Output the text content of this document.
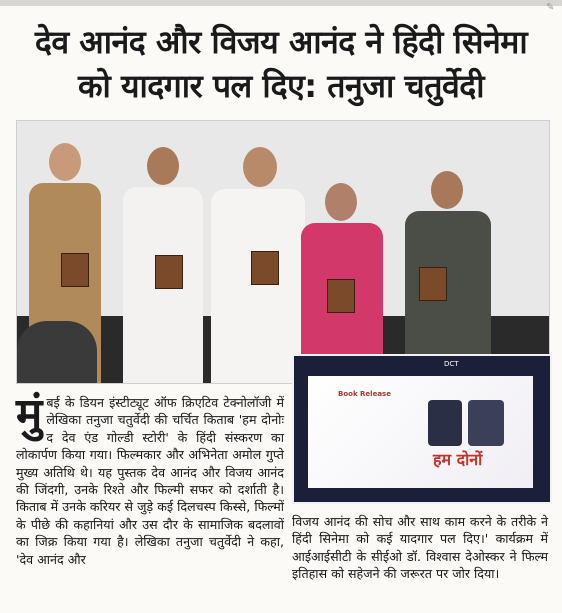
✎
देव आनंद और विजय आनंद ने हिंदी सिनेमा
को यादगार पल दिए: तनुजा चतुर्वेदी
DCT
Book Release
हम दोनों
मुंबई के डियन इंस्टीट्यूट ऑफ क्रिएटिव टेक्नोलॉजी में लेखिका तनुजा चतुर्वेदी की चर्चित किताब 'हम दोनोः द देव एंड गोल्डी स्टोरी' के हिंदी संस्करण का लोकार्पण किया गया। फिल्मकार और अभिनेता अमोल गुप्ते मुख्य अतिथि थे। यह पुस्तक देव आनंद और विजय आनंद की जिंदगी, उनके रिश्ते और फिल्मी सफर को दर्शाती है। किताब में उनके करियर से जुड़े कई दिलचस्प किस्से, फिल्मों के पीछे की कहानियां और उस दौर के सामाजिक बदलावों का जिक्र किया गया है। लेखिका तनुजा चतुर्वेदी ने कहा, 'देव आनंद और
विजय आनंद की सोच और साथ काम करने के तरीके ने हिंदी सिनेमा को कई यादगार पल दिए।' कार्यक्रम में आईआईसीटी के सीईओ डॉ. विश्वास देओस्कर ने फिल्म इतिहास को सहेजने की जरूरत पर जोर दिया।
